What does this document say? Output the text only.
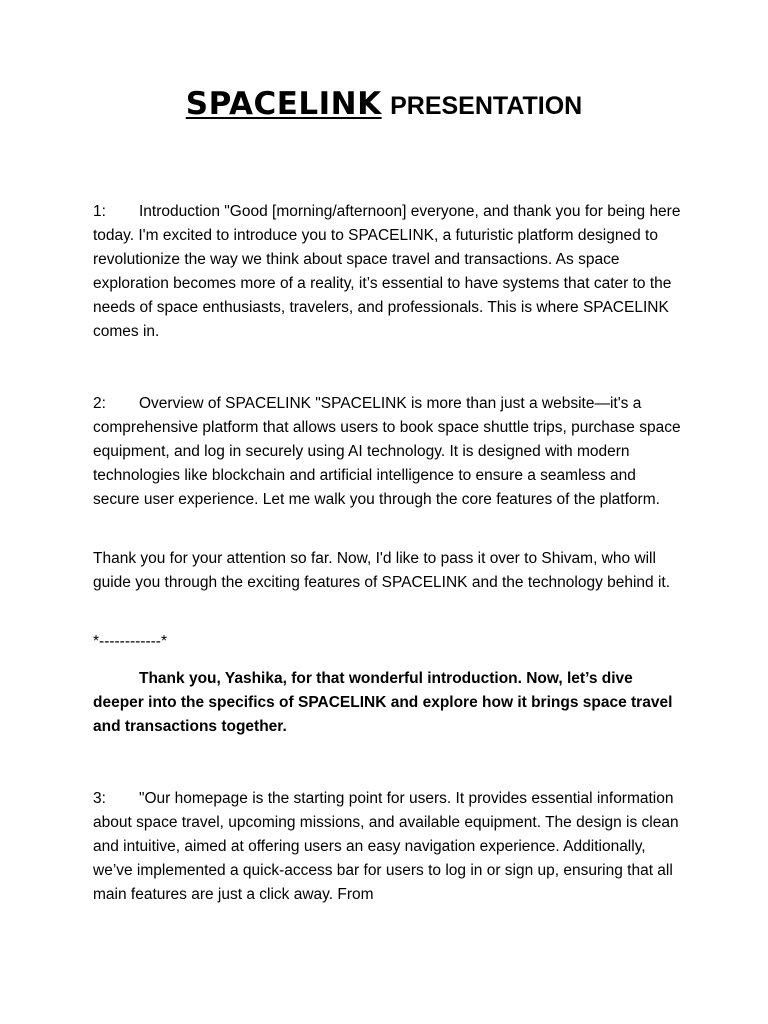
SPACELINK PRESENTATION

1: Introduction "Good [morning/afternoon] everyone, and thank you for being here today. I'm excited to introduce you to SPACELINK, a futuristic platform designed to revolutionize the way we think about space travel and transactions. As space exploration becomes more of a reality, it’s essential to have systems that cater to the needs of space enthusiasts, travelers, and professionals. This is where SPACELINK comes in.

2: Overview of SPACELINK "SPACELINK is more than just a website—it's a comprehensive platform that allows users to book space shuttle trips, purchase space equipment, and log in securely using AI technology. It is designed with modern technologies like blockchain and artificial intelligence to ensure a seamless and secure user experience. Let me walk you through the core features of the platform.

Thank you for your attention so far. Now, I'd like to pass it over to Shivam, who will guide you through the exciting features of SPACELINK and the technology behind it.

*------------*

Thank you, Yashika, for that wonderful introduction. Now, let’s dive deeper into the specifics of SPACELINK and explore how it brings space travel and transactions together.

3: "Our homepage is the starting point for users. It provides essential information about space travel, upcoming missions, and available equipment. The design is clean and intuitive, aimed at offering users an easy navigation experience. Additionally, we’ve implemented a quick-access bar for users to log in or sign up, ensuring that all main features are just a click away. From
